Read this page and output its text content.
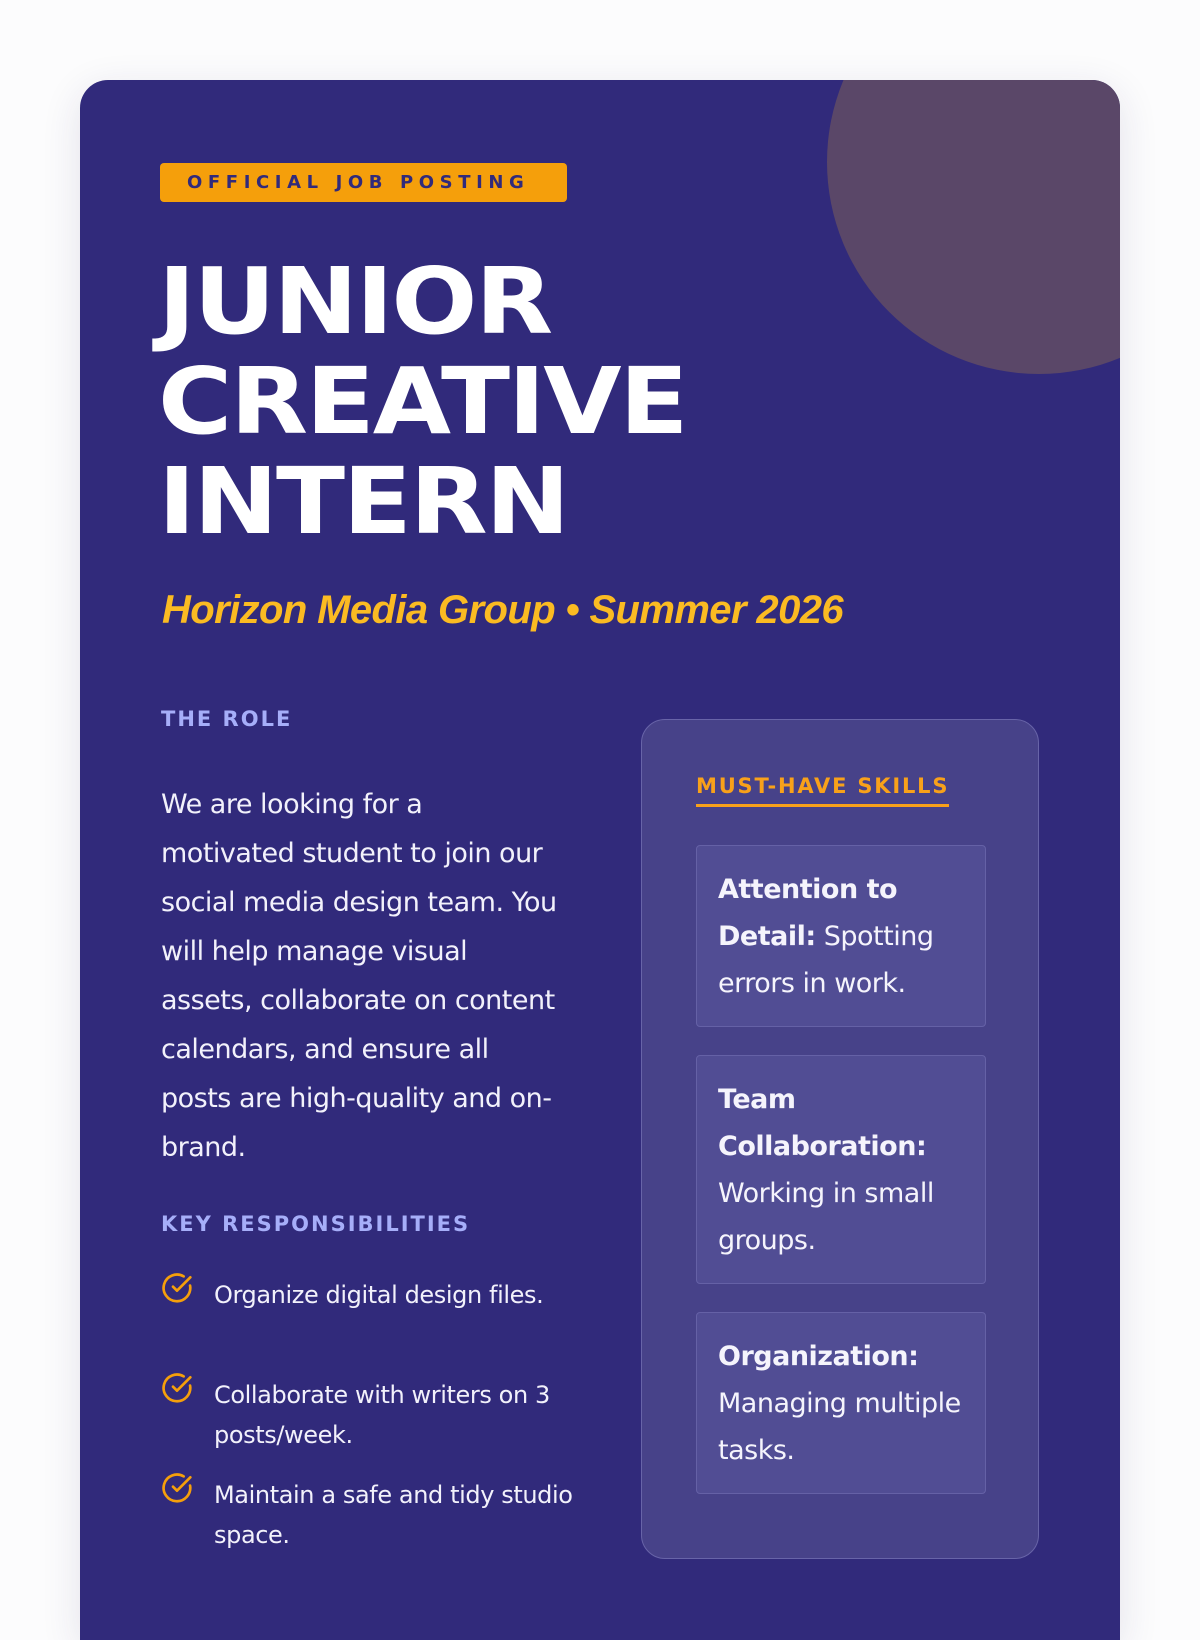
OFFICIAL JOB POSTING
JUNIOR
CREATIVE
INTERN
Horizon Media Group • Summer 2026
THE ROLE
We are looking for a motivated student to join our social media design team. You will help manage visual assets, collaborate on content calendars, and ensure all posts are high-quality and on-brand.
KEY RESPONSIBILITIES
Organize digital design files.
Collaborate with writers on 3 posts/week.
Maintain a safe and tidy studio space.
MUST-HAVE SKILLS
Attention to Detail: Spotting errors in work.
Team Collaboration: Working in small groups.
Organization: Managing multiple tasks.
